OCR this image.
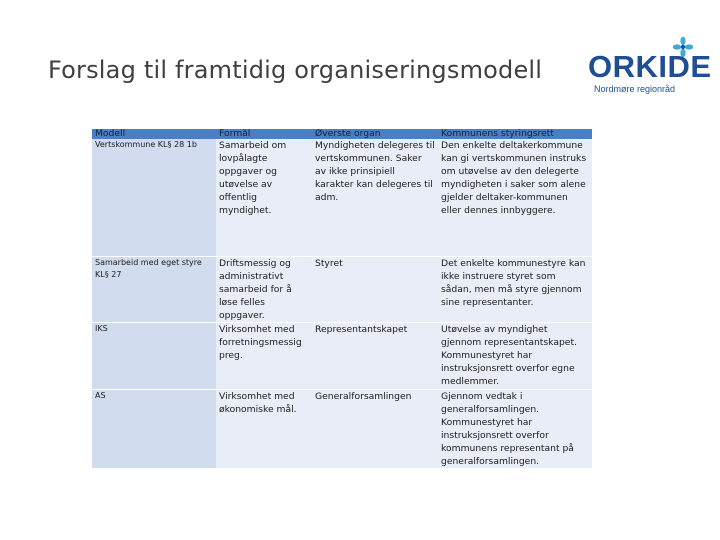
Forslag til framtidig organiseringsmodell ORKIDE
Nordmøre regionråd
Modell	Formål	Øverste organ	Kommunens styringsrett
Vertskommune KL§ 28 1b	Samarbeid om lovpålagte oppgaver og utøvelse av offentlig myndighet.	Myndigheten delegeres til vertskommunen. Saker av ikke prinsipiell karakter kan delegeres til adm.	Den enkelte deltakerkommune kan gi vertskommunen instruks om utøvelse av den delegerte myndigheten i saker som alene gjelder deltaker-kommunen eller dennes innbyggere.
Samarbeid med eget styre KL§ 27	Driftsmessig og administrativt samarbeid for å løse felles oppgaver.	Styret	Det enkelte kommunestyre kan ikke instruere styret som sådan, men må styre gjennom sine representanter.
IKS	Virksomhet med forretningsmessig preg.	Representantskapet	Utøvelse av myndighet gjennom representantskapet. Kommunestyret har instruksjonsrett overfor egne medlemmer.
AS	Virksomhet med økonomiske mål.	Generalforsamlingen	Gjennom vedtak i generalforsamlingen. Kommunestyret har instruksjonsrett overfor kommunens representant på generalforsamlingen.
